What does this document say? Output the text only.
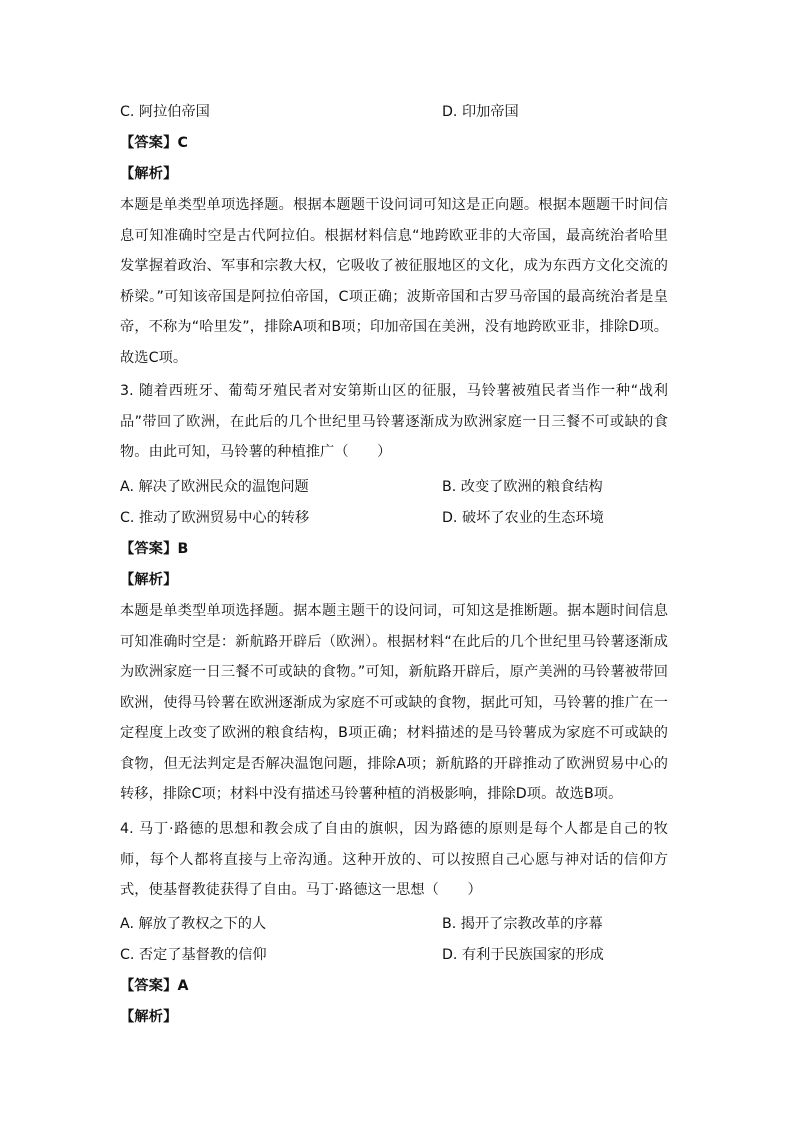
C. 阿拉伯帝国	D. 印加帝国
【答案】C
【解析】
本题是单类型单项选择题。根据本题题干设问词可知这是正向题。根据本题题干时间信息可知准确时空是古代阿拉伯。根据材料信息“地跨欧亚非的大帝国，最高统治者哈里发掌握着政治、军事和宗教大权，它吸收了被征服地区的文化，成为东西方文化交流的桥梁。”可知该帝国是阿拉伯帝国，C项正确；波斯帝国和古罗马帝国的最高统治者是皇帝，不称为“哈里发”，排除A项和B项；印加帝国在美洲，没有地跨欧亚非，排除D项。故选C项。
3. 随着西班牙、葡萄牙殖民者对安第斯山区的征服，马铃薯被殖民者当作一种“战利品”带回了欧洲，在此后的几个世纪里马铃薯逐渐成为欧洲家庭一日三餐不可或缺的食物。由此可知，马铃薯的种植推广（　　）
A. 解决了欧洲民众的温饱问题	B. 改变了欧洲的粮食结构
C. 推动了欧洲贸易中心的转移	D. 破坏了农业的生态环境
【答案】B
【解析】
本题是单类型单项选择题。据本题主题干的设问词，可知这是推断题。据本题时间信息可知准确时空是：新航路开辟后（欧洲）。根据材料“在此后的几个世纪里马铃薯逐渐成为欧洲家庭一日三餐不可或缺的食物。”可知，新航路开辟后，原产美洲的马铃薯被带回欧洲，使得马铃薯在欧洲逐渐成为家庭不可或缺的食物，据此可知，马铃薯的推广在一定程度上改变了欧洲的粮食结构，B项正确；材料描述的是马铃薯成为家庭不可或缺的食物，但无法判定是否解决温饱问题，排除A项；新航路的开辟推动了欧洲贸易中心的转移，排除C项；材料中没有描述马铃薯种植的消极影响，排除D项。故选B项。
4. 马丁·路德的思想和教会成了自由的旗帜，因为路德的原则是每个人都是自己的牧师，每个人都将直接与上帝沟通。这种开放的、可以按照自己心愿与神对话的信仰方式，使基督教徒获得了自由。马丁·路德这一思想（　　）
A. 解放了教权之下的人	B. 揭开了宗教改革的序幕
C. 否定了基督教的信仰	D. 有利于民族国家的形成
【答案】A
【解析】
